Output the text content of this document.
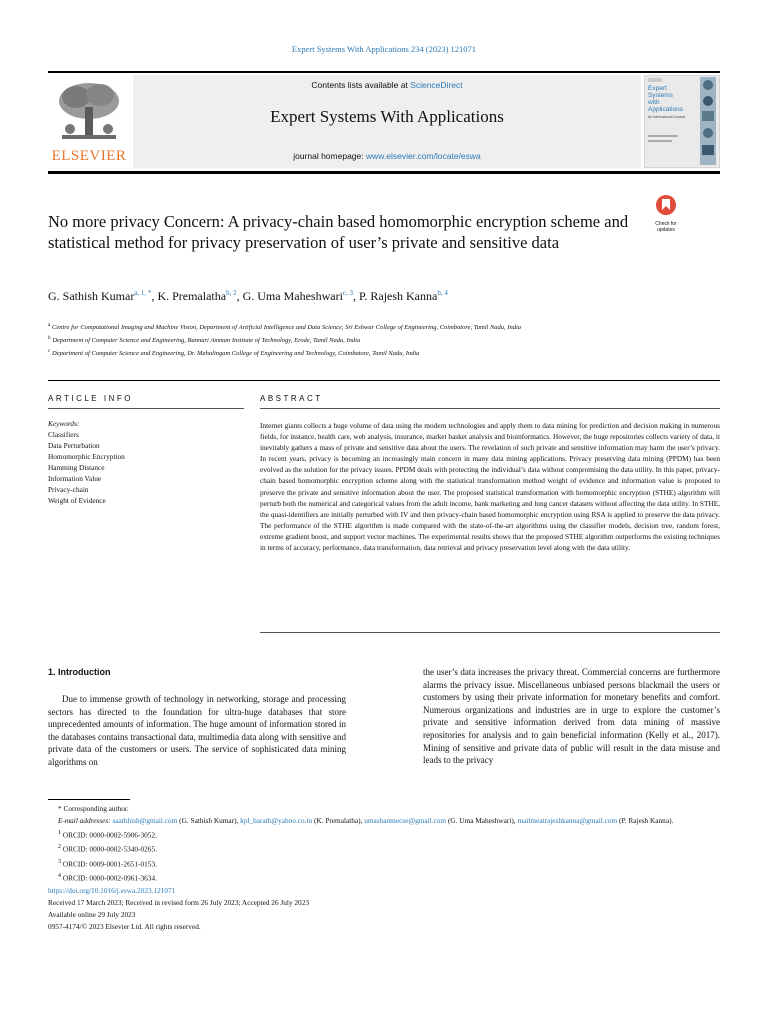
Expert Systems With Applications 234 (2023) 121071
ELSEVIER
Contents lists available at ScienceDirect
Expert Systems With Applications
journal homepage: www.elsevier.com/locate/eswa
Expert
Systems
with
Applications
An International Journal
No more privacy Concern: A privacy-chain based homomorphic encryption scheme and statistical method for privacy preservation of user’s private and sensitive data
Check for updates
G. Sathish Kumar$^{a, 1, *}$, K. Premalatha$^{b, 2}$, G. Uma Maheshwari$^{c, 3}$, P. Rajesh Kanna$^{b, 4}$
$^a$ Centre for Computational Imaging and Machine Vision, Department of Artificial Intelligence and Data Science, Sri Eshwar College of Engineering, Coimbatore, Tamil Nadu, India
$^b$ Department of Computer Science and Engineering, Bannari Amman Institute of Technology, Erode, Tamil Nadu, India
$^c$ Department of Computer Science and Engineering, Dr. Mahalingam College of Engineering and Technology, Coimbatore, Tamil Nadu, India
ARTICLE INFO	ABSTRACT
Keywords:
Classifiers
Data Perturbation
Homomorphic Encryption
Hamming Distance
Information Value
Privacy-chain
Weight of Evidence
Internet giants collects a huge volume of data using the modern technologies and apply them to data mining for prediction and decision making in numerous fields, for instance, health care, web analysis, insurance, market basket analysis and bioinformatics. However, the huge repositories collects variety of data, it inevitably gathers a mass of private and sensitive data about the users. The revelation of such private and sensitive information may harm the user’s privacy. In recent years, privacy is becoming an increasingly main concern in many data mining applications. Privacy preserving data mining (PPDM) has been evolved as the solution for the privacy issues. PPDM deals with protecting the individual’s data without compromising the data utility. In this paper, privacy-chain based homomorphic encryption scheme along with the statistical transformation method weight of evidence and information value is proposed to preserve the private and sensitive information about the user. The proposed statistical transformation with homomorphic encryption (STHE) algorithm will perturb both the numerical and categorical values from the adult income, bank marketing and lung cancer datasets without affecting the data utility. In STHE, the quasi-identifiers are initially perturbed with IV and then privacy-chain based homomorphic encryption using RSA is applied to preserve the data privacy. The performance of the STHE algorithm is made compared with the state-of-the-art algorithms using the classifier models, decision tree, random forest, extreme gradient boost, and support vector machines. The experimental results shows that the proposed STHE algorithm outperforms the existing techniques in terms of accuracy, performance, data transformation, data retrieval and privacy preservation level along with the data utility.
1. Introduction
Due to immense growth of technology in networking, storage and processing sectors has directed to the foundation for ultra-huge databases that store unprecedented amounts of information. The huge amount of information stored in the databases contains transactional data, multimedia data along with sensitive and private data of the customers or users. The service of sophisticated data mining algorithms on
the user’s data increases the privacy threat. Commercial concerns are furthermore alarms the privacy issue. Miscellaneous unbiased persons blackmail the users or customers by using their private information for monetary benefits and comfort. Numerous organizations and industries are in urge to explore the customer’s private and sensitive information derived from data mining of massive repositories for analysis and to gain beneficial information (Kelly et al., 2017). Mining of sensitive and private data of public will result in the data misuse and leads to the privacy
* Corresponding author.
E-mail addresses: saathhish@gmail.com (G. Sathish Kumar), kpl_barath@yahoo.co.in (K. Premalatha), umashanmecse@gmail.com (G. Uma Maheshwari), mailmeatrajeshkanna@gmail.com (P. Rajesh Kanna).
$^1$ ORCID: 0000-0002-5906-3052.
$^2$ ORCID: 0000-0002-5340-0265.
$^3$ ORCID: 0009-0001-2651-0153.
$^4$ ORCID: 0000-0002-0961-3634.
https://doi.org/10.1016/j.eswa.2023.121071
Received 17 March 2023; Received in revised form 26 July 2023; Accepted 26 July 2023
Available online 29 July 2023
0957-4174/© 2023 Elsevier Ltd. All rights reserved.
